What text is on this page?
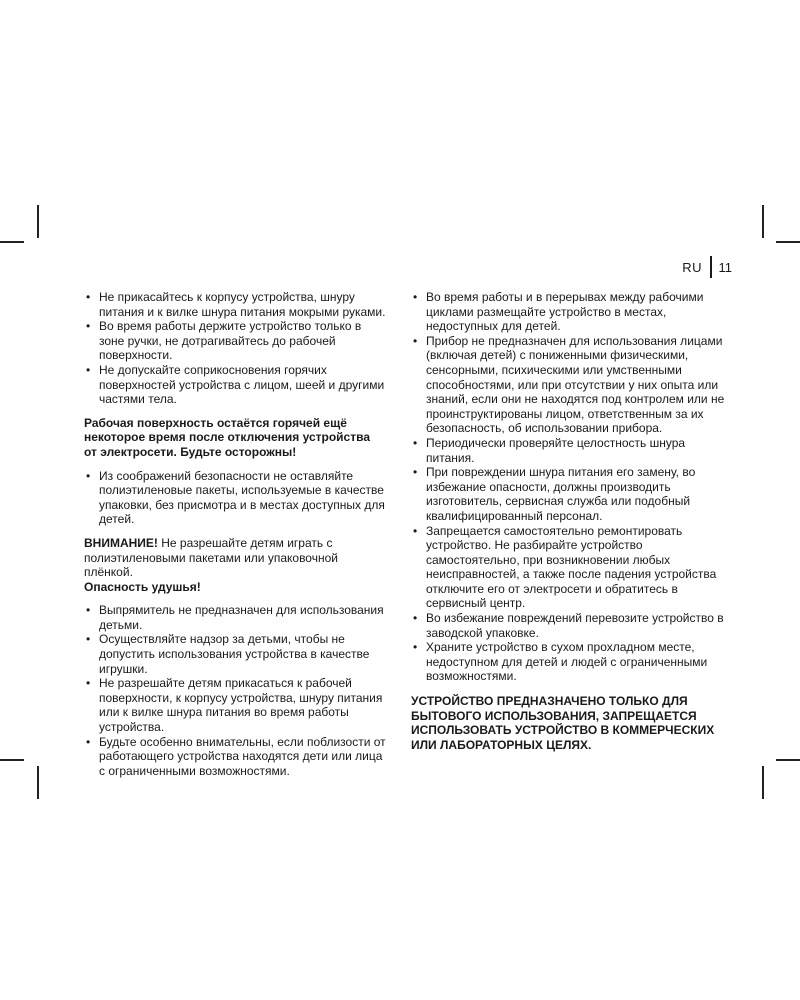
RU 11
• Не прикасайтесь к корпусу устройства, шнуру питания и к вилке шнура питания мокрыми руками.
• Во время работы держите устройство только в зоне ручки, не дотрагивайтесь до рабочей поверхности.
• Не допускайте соприкосновения горячих поверхностей устройства с лицом, шеей и другими частями тела.

Рабочая поверхность остаётся горячей ещё некоторое время после отключения устройства от электросети. Будьте осторожны!

• Из соображений безопасности не оставляйте полиэтиленовые пакеты, используемые в качестве упаковки, без присмотра и в местах доступных для детей.

ВНИМАНИЕ! Не разрешайте детям играть с полиэтиленовыми пакетами или упаковочной плёнкой.

Опасность удушья!

• Выпрямитель не предназначен для использования детьми.
• Осуществляйте надзор за детьми, чтобы не допустить использования устройства в качестве игрушки.
• Не разрешайте детям прикасаться к рабочей поверхности, к корпусу устройства, шнуру питания или к вилке шнура питания во время работы устройства.
• Будьте особенно внимательны, если поблизости от работающего устройства находятся дети или лица с ограниченными возможностями.
• Во время работы и в перерывах между рабочими циклами размещайте устройство в местах, недоступных для детей.
• Прибор не предназначен для использования лицами (включая детей) с пониженными физическими, сенсорными, психическими или умственными способностями, или при отсутствии у них опыта или знаний, если они не находятся под контролем или не проинструктированы лицом, ответственным за их безопасность, об использовании прибора.
• Периодически проверяйте целостность шнура питания.
• При повреждении шнура питания его замену, во избежание опасности, должны производить изготовитель, сервисная служба или подобный квалифицированный персонал.
• Запрещается самостоятельно ремонтировать устройство. Не разбирайте устройство самостоятельно, при возникновении любых неисправностей, а также после падения устройства отключите его от электросети и обратитесь в сервисный центр.
• Во избежание повреждений перевозите устройство в заводской упаковке.
• Храните устройство в сухом прохладном месте, недоступном для детей и людей с ограниченными возможностями.

УСТРОЙСТВО ПРЕДНАЗНАЧЕНО ТОЛЬКО ДЛЯ БЫТОВОГО ИСПОЛЬЗОВАНИЯ, ЗАПРЕЩАЕТСЯ ИСПОЛЬЗОВАТЬ УСТРОЙСТВО В КОММЕРЧЕСКИХ ИЛИ ЛАБОРАТОРНЫХ ЦЕЛЯХ.
